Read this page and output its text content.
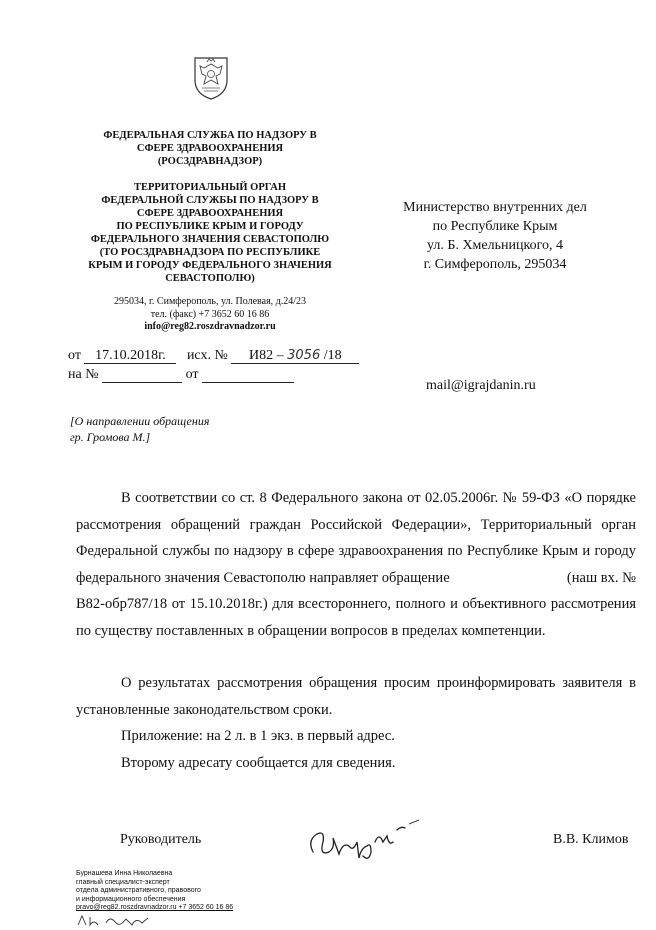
ФЕДЕРАЛЬНАЯ СЛУЖБА ПО НАДЗОРУ В
СФЕРЕ ЗДРАВООХРАНЕНИЯ
(РОСЗДРАВНАДЗОР)
ТЕРРИТОРИАЛЬНЫЙ ОРГАН
ФЕДЕРАЛЬНОЙ СЛУЖБЫ ПО НАДЗОРУ В
СФЕРЕ ЗДРАВООХРАНЕНИЯ
ПО РЕСПУБЛИКЕ КРЫМ И ГОРОДУ
ФЕДЕРАЛЬНОГО ЗНАЧЕНИЯ СЕВАСТОПОЛЮ
(ТО РОСЗДРАВНАДЗОРА ПО РЕСПУБЛИКЕ
КРЫМ И ГОРОДУ ФЕДЕРАЛЬНОГО ЗНАЧЕНИЯ
СЕВАСТОПОЛЮ)
295034, г. Симферополь, ул. Полевая, д.24/23
тел. (факс) +7 3652 60 16 86
info@reg82.roszdravnadzor.ru
Министерство внутренних дел
по Республике Крым
ул. Б. Хмельницкого, 4
г. Симферополь, 295034
mail@igrajdanin.ru
от 17.10.2018г. исх. № И82 – 3056 /18
на №	от
[О направлении обращения
гр. Громова М.]

В соответствии со ст. 8 Федерального закона от 02.05.2006г. № 59-ФЗ «О порядке рассмотрения обращений граждан Российской Федерации», Территориальный орган Федеральной службы по надзору в сфере здравоохранения по Республике Крым и городу федерального значения Севастополю направляет обращение                                (наш вх. № В82-обр787/18 от 15.10.2018г.) для всестороннего, полного и объективного рассмотрения по существу поставленных в обращении вопросов в пределах компетенции.

О результатах рассмотрения обращения просим проинформировать заявителя в установленные законодательством сроки.

Приложение: на 2 л. в 1 экз. в первый адрес.

Второму адресату сообщается для сведения.

Руководитель	В.В. Климов
Бурнашева Инна Николаевна
главный специалист-эксперт
отдела административного, правового
и информационного обеспечения
pravo@reg82.roszdravnadzor.ru +7 3652 60 16 86
